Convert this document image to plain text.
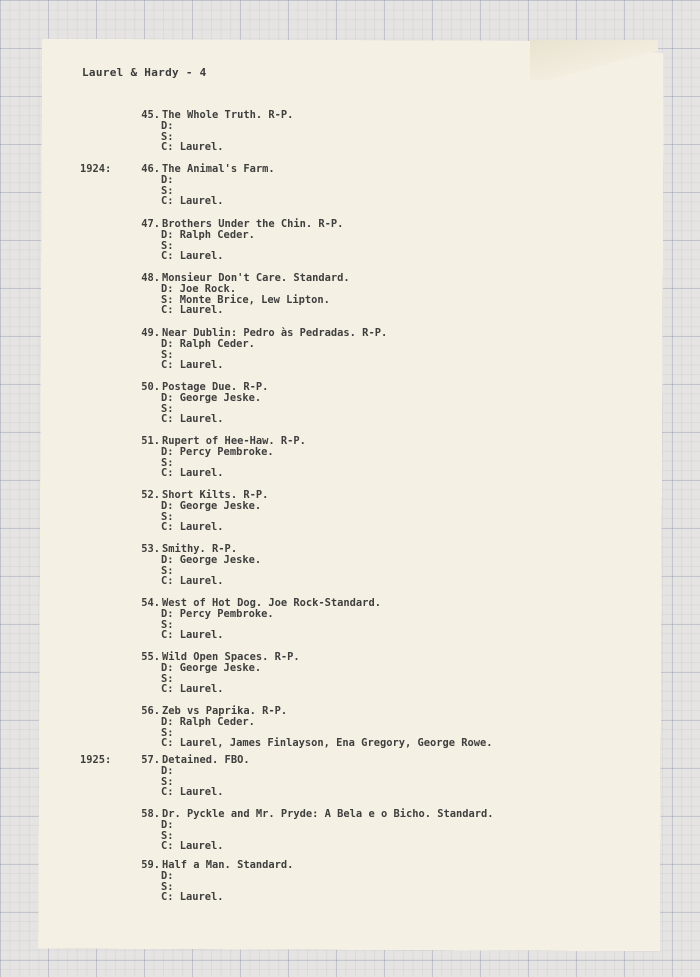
Laurel & Hardy - 4
45. The Whole Truth. R-P.
D:
S:
C: Laurel.
1924:	46. The Animal's Farm.
D:
S:
C: Laurel.
47. Brothers Under the Chin. R-P.
D: Ralph Ceder.
S:
C: Laurel.
48. Monsieur Don't Care. Standard.
D: Joe Rock.
S: Monte Brice, Lew Lipton.
C: Laurel.
49. Near Dublin: Pedro às Pedradas. R-P.
D: Ralph Ceder.
S:
C: Laurel.
50. Postage Due. R-P.
D: George Jeske.
S:
C: Laurel.
51. Rupert of Hee-Haw. R-P.
D: Percy Pembroke.
S:
C: Laurel.
52. Short Kilts. R-P.
D: George Jeske.
S:
C: Laurel.
53. Smithy. R-P.
D: George Jeske.
S:
C: Laurel.
54. West of Hot Dog. Joe Rock-Standard.
D: Percy Pembroke.
S:
C: Laurel.
55. Wild Open Spaces. R-P.
D: George Jeske.
S:
C: Laurel.
56. Zeb vs Paprika. R-P.
D: Ralph Ceder.
S:
C: Laurel, James Finlayson, Ena Gregory, George Rowe.
1925:	57. Detained. FBO.
D:
S:
C: Laurel.
58. Dr. Pyckle and Mr. Pryde: A Bela e o Bicho. Standard.
D:
S:
C: Laurel.
59. Half a Man. Standard.
D:
S:
C: Laurel.
